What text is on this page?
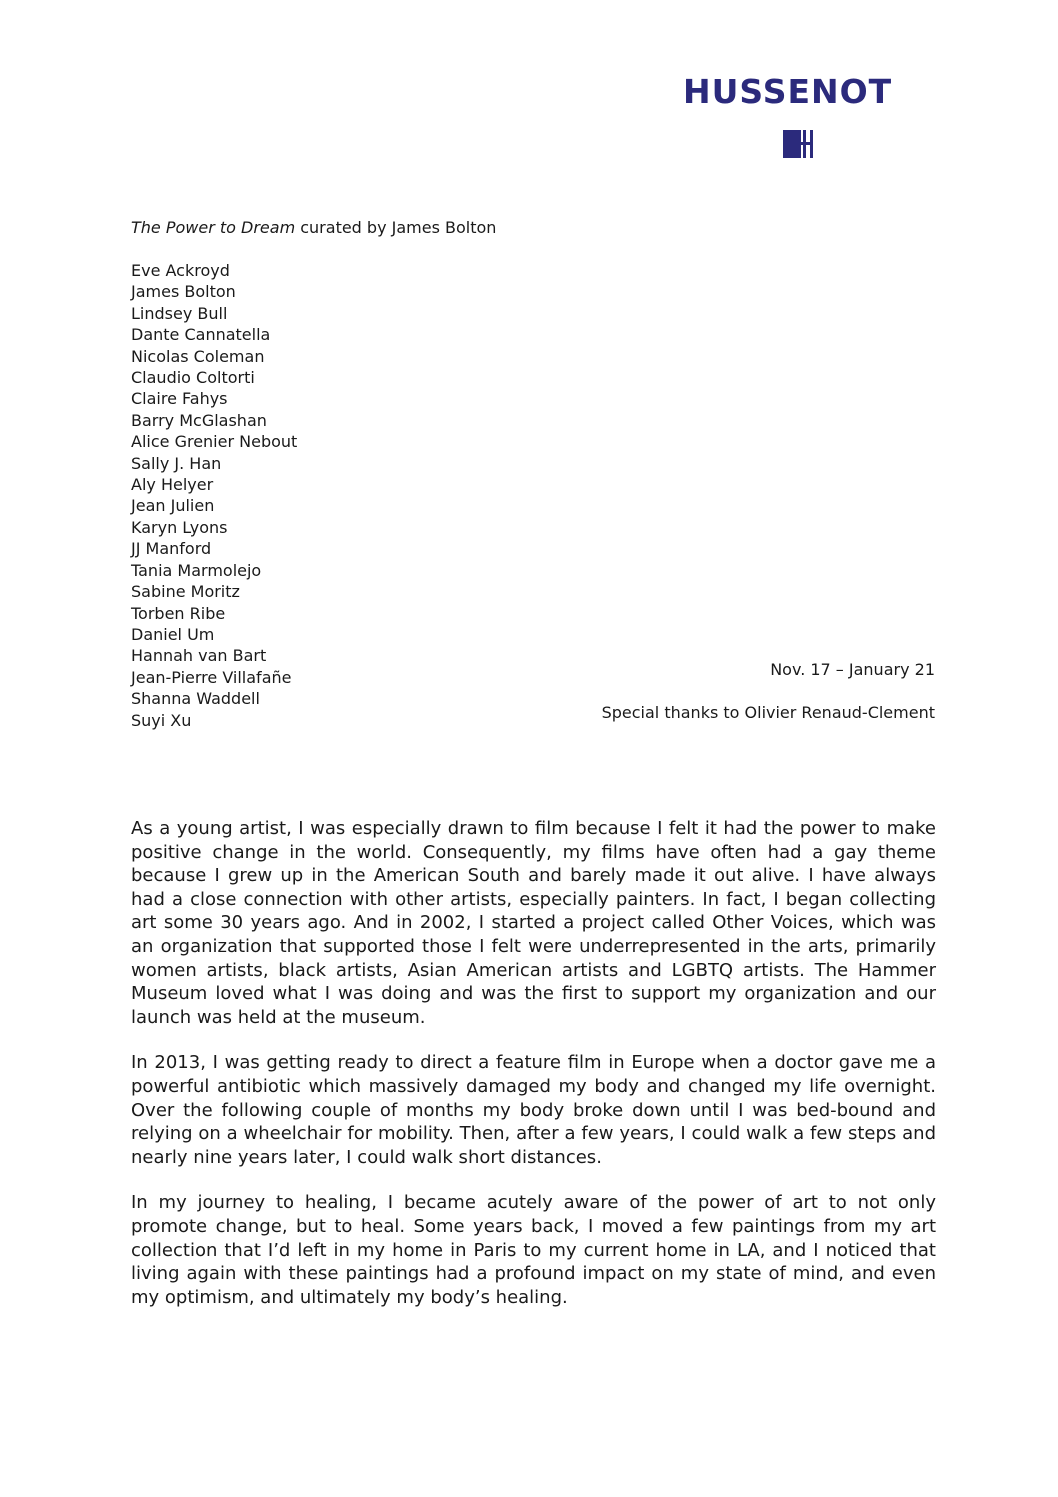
HUSSENOT
The Power to Dream curated by James Bolton
Eve Ackroyd
James Bolton
Lindsey Bull
Dante Cannatella
Nicolas Coleman
Claudio Coltorti
Claire Fahys
Barry McGlashan
Alice Grenier Nebout
Sally J. Han
Aly Helyer
Jean Julien
Karyn Lyons
JJ Manford
Tania Marmolejo
Sabine Moritz
Torben Ribe
Daniel Um
Hannah van Bart
Jean-Pierre Villafañe
Shanna Waddell
Suyi Xu
Nov. 17 – January 21
Special thanks to Olivier Renaud-Clement

As a young artist, I was especially drawn to film because I felt it had the power to make positive change in the world. Consequently, my films have often had a gay theme because I grew up in the American South and barely made it out alive. I have always had a close connection with other artists, especially painters. In fact, I began collecting art some 30 years ago. And in 2002, I started a project called Other Voices, which was an organization that supported those I felt were underrepresented in the arts, primarily women artists, black artists, Asian American artists and LGBTQ artists. The Hammer Museum loved what I was doing and was the first to support my organization and our launch was held at the museum.

In 2013, I was getting ready to direct a feature film in Europe when a doctor gave me a powerful antibiotic which massively damaged my body and changed my life overnight. Over the following couple of months my body broke down until I was bed-bound and relying on a wheelchair for mobility. Then, after a few years, I could walk a few steps and nearly nine years later, I could walk short distances.

In my journey to healing, I became acutely aware of the power of art to not only promote change, but to heal. Some years back, I moved a few paintings from my art collection that I’d left in my home in Paris to my current home in LA, and I noticed that living again with these paintings had a profound impact on my state of mind, and even my optimism, and ultimately my body’s healing.
